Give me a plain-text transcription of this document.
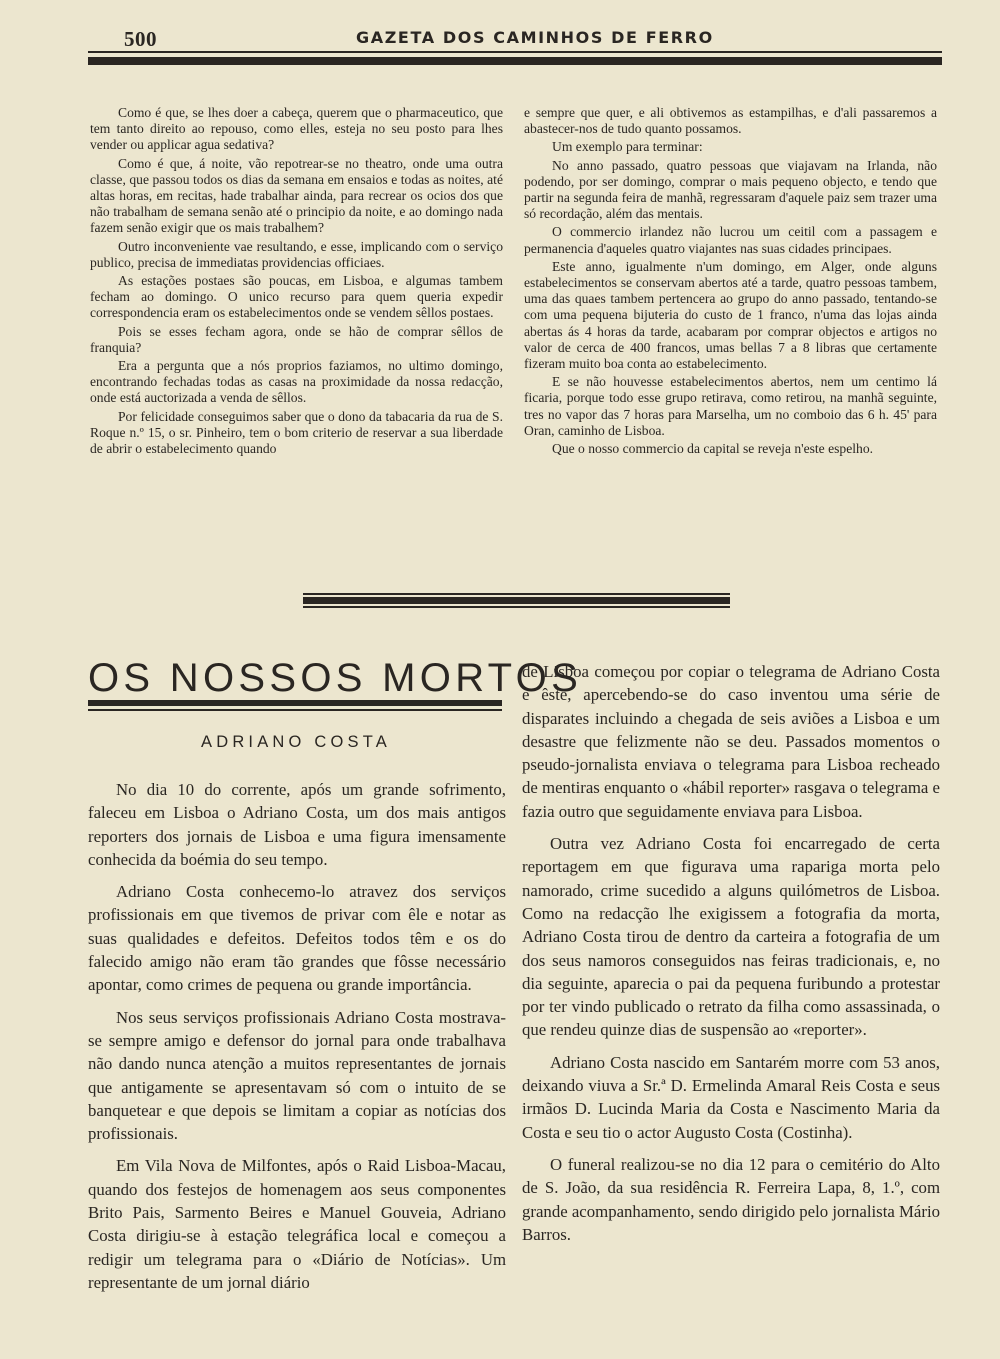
500	GAZETA DOS CAMINHOS DE FERRO

Como é que, se lhes doer a cabeça, querem que o pharmaceutico, que tem tanto direito ao repouso, como elles, esteja no seu posto para lhes vender ou applicar agua sedativa?

Como é que, á noite, vão repotrear-se no theatro, onde uma outra classe, que passou todos os dias da semana em ensaios e todas as noites, até altas horas, em recitas, hade trabalhar ainda, para recrear os ocios dos que não trabalham de semana senão até o principio da noite, e ao domingo nada fazem senão exigir que os mais trabalhem?

Outro inconveniente vae resultando, e esse, implicando com o serviço publico, precisa de immediatas providencias officiaes.

As estações postaes são poucas, em Lisboa, e algumas tambem fecham ao domingo. O unico recurso para quem queria expedir correspondencia eram os estabelecimentos onde se vendem sêllos postaes.

Pois se esses fecham agora, onde se hão de comprar sêllos de franquia?

Era a pergunta que a nós proprios faziamos, no ultimo domingo, encontrando fechadas todas as casas na proximidade da nossa redacção, onde está auctorizada a venda de sêllos.

Por felicidade conseguimos saber que o dono da tabacaria da rua de S. Roque n.º 15, o sr. Pinheiro, tem o bom criterio de reservar a sua liberdade de abrir o estabelecimento quando

e sempre que quer, e ali obtivemos as estampilhas, e d'ali passaremos a abastecer-nos de tudo quanto possamos.

Um exemplo para terminar:

No anno passado, quatro pessoas que viajavam na Irlanda, não podendo, por ser domingo, comprar o mais pequeno objecto, e tendo que partir na segunda feira de manhã, regressaram d'aquele paiz sem trazer uma só recordação, além das mentais.

O commercio irlandez não lucrou um ceitil com a passagem e permanencia d'aqueles quatro viajantes nas suas cidades principaes.

Este anno, igualmente n'um domingo, em Alger, onde alguns estabelecimentos se conservam abertos até a tarde, quatro pessoas tambem, uma das quaes tambem pertencera ao grupo do anno passado, tentando-se com uma pequena bijuteria do custo de 1 franco, n'uma das lojas ainda abertas ás 4 horas da tarde, acabaram por comprar objectos e artigos no valor de cerca de 400 francos, umas bellas 7 a 8 libras que certamente fizeram muito boa conta ao estabelecimento.

E se não houvesse estabelecimentos abertos, nem um centimo lá ficaria, porque todo esse grupo retirava, como retirou, na manhã seguinte, tres no vapor das 7 horas para Marselha, um no comboio das 6 h. 45' para Oran, caminho de Lisboa.

Que o nosso commercio da capital se reveja n'este espelho.

OS NOSSOS MORTOS
ADRIANO COSTA

No dia 10 do corrente, após um grande sofrimento, faleceu em Lisboa o Adriano Costa, um dos mais antigos reporters dos jornais de Lisboa e uma figura imensamente conhecida da boémia do seu tempo.

Adriano Costa conhecemo-lo atravez dos serviços profissionais em que tivemos de privar com êle e notar as suas qualidades e defeitos. Defeitos todos têm e os do falecido amigo não eram tão grandes que fôsse necessário apontar, como crimes de pequena ou grande importância.

Nos seus serviços profissionais Adriano Costa mostrava-se sempre amigo e defensor do jornal para onde trabalhava não dando nunca atenção a muitos representantes de jornais que antigamente se apresentavam só com o intuito de se banquetear e que depois se limitam a copiar as notícias dos profissionais.

Em Vila Nova de Milfontes, após o Raid Lisboa-Macau, quando dos festejos de homenagem aos seus componentes Brito Pais, Sarmento Beires e Manuel Gouveia, Adriano Costa dirigiu-se à estação telegráfica local e começou a redigir um telegrama para o «Diário de Notícias». Um representante de um jornal diário

de Lisboa começou por copiar o telegrama de Adriano Costa e êste, apercebendo-se do caso inventou uma série de disparates incluindo a chegada de seis aviões a Lisboa e um desastre que felizmente não se deu. Passados momentos o pseudo-jornalista enviava o telegrama para Lisboa recheado de mentiras enquanto o «hábil reporter» rasgava o telegrama e fazia outro que seguidamente enviava para Lisboa.

Outra vez Adriano Costa foi encarregado de certa reportagem em que figurava uma rapariga morta pelo namorado, crime sucedido a alguns quilómetros de Lisboa. Como na redacção lhe exigissem a fotografia da morta, Adriano Costa tirou de dentro da carteira a fotografia de um dos seus namoros conseguidos nas feiras tradicionais, e, no dia seguinte, aparecia o pai da pequena furibundo a protestar por ter vindo publicado o retrato da filha como assassinada, o que rendeu quinze dias de suspensão ao «reporter».

Adriano Costa nascido em Santarém morre com 53 anos, deixando viuva a Sr.ª D. Ermelinda Amaral Reis Costa e seus irmãos D. Lucinda Maria da Costa e Nascimento Maria da Costa e seu tio o actor Augusto Costa (Costinha).

O funeral realizou-se no dia 12 para o cemitério do Alto de S. João, da sua residência R. Ferreira Lapa, 8, 1.º, com grande acompanhamento, sendo dirigido pelo jornalista Mário Barros.
